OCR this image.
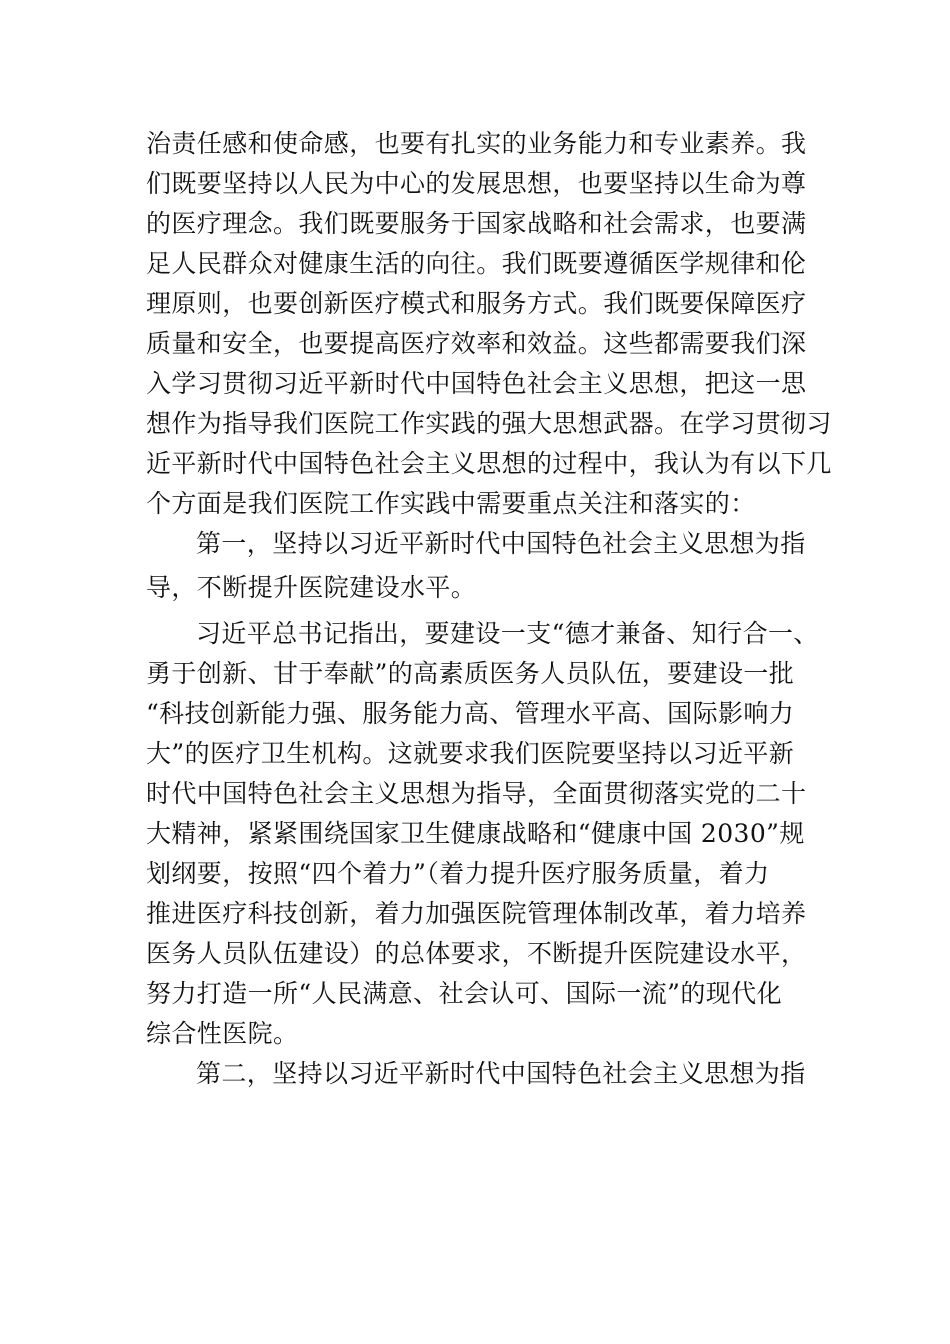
治责任感和使命感，也要有扎实的业务能力和专业素养。我
们既要坚持以人民为中心的发展思想，也要坚持以生命为尊
的医疗理念。我们既要服务于国家战略和社会需求，也要满
足人民群众对健康生活的向往。我们既要遵循医学规律和伦
理原则，也要创新医疗模式和服务方式。我们既要保障医疗
质量和安全，也要提高医疗效率和效益。这些都需要我们深
入学习贯彻习近平新时代中国特色社会主义思想，把这一思
想作为指导我们医院工作实践的强大思想武器。在学习贯彻习
近平新时代中国特色社会主义思想的过程中，我认为有以下几
个方面是我们医院工作实践中需要重点关注和落实的：
第一，坚持以习近平新时代中国特色社会主义思想为指
导，不断提升医院建设水平。
习近平总书记指出，要建设一支“德才兼备、知行合一、
勇于创新、甘于奉献”的高素质医务人员队伍，要建设一批
“科技创新能力强、服务能力高、管理水平高、国际影响力
大”的医疗卫生机构。这就要求我们医院要坚持以习近平新
时代中国特色社会主义思想为指导，全面贯彻落实党的二十
大精神，紧紧围绕国家卫生健康战略和“健康中国 2030”规
划纲要，按照“四个着力”（着力提升医疗服务质量，着力
推进医疗科技创新，着力加强医院管理体制改革，着力培养
医务人员队伍建设）的总体要求，不断提升医院建设水平，
努力打造一所“人民满意、社会认可、国际一流”的现代化
综合性医院。
第二，坚持以习近平新时代中国特色社会主义思想为指
